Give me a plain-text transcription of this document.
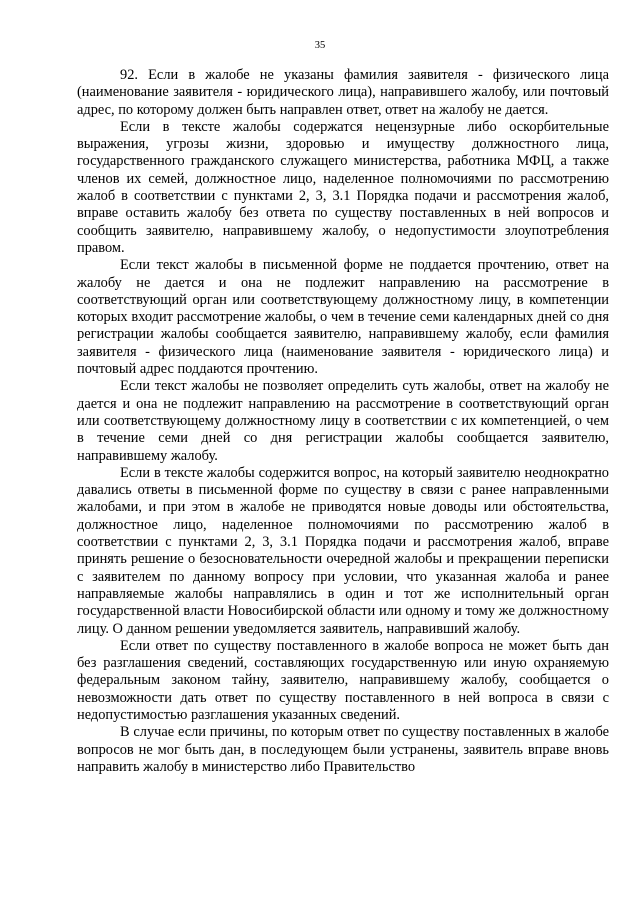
35

92. Если в жалобе не указаны фамилия заявителя - физического лица (наименование заявителя - юридического лица), направившего жалобу, или почтовый адрес, по которому должен быть направлен ответ, ответ на жалобу не дается.

Если в тексте жалобы содержатся нецензурные либо оскорбительные выражения, угрозы жизни, здоровью и имуществу должностного лица, государственного гражданского служащего министерства, работника МФЦ, а также членов их семей, должностное лицо, наделенное полномочиями по рассмотрению жалоб в соответствии с пунктами 2, 3, 3.1 Порядка подачи и рассмотрения жалоб, вправе оставить жалобу без ответа по существу поставленных в ней вопросов и сообщить заявителю, направившему жалобу, о недопустимости злоупотребления правом.

Если текст жалобы в письменной форме не поддается прочтению, ответ на жалобу не дается и она не подлежит направлению на рассмотрение в соответствующий орган или соответствующему должностному лицу, в компетенции которых входит рассмотрение жалобы, о чем в течение семи календарных дней со дня регистрации жалобы сообщается заявителю, направившему жалобу, если фамилия заявителя - физического лица (наименование заявителя - юридического лица) и почтовый адрес поддаются прочтению.

Если текст жалобы не позволяет определить суть жалобы, ответ на жалобу не дается и она не подлежит направлению на рассмотрение в соответствующий орган или соответствующему должностному лицу в соответствии с их компетенцией, о чем в течение семи дней со дня регистрации жалобы сообщается заявителю, направившему жалобу.

Если в тексте жалобы содержится вопрос, на который заявителю неоднократно давались ответы в письменной форме по существу в связи с ранее направленными жалобами, и при этом в жалобе не приводятся новые доводы или обстоятельства, должностное лицо, наделенное полномочиями по рассмотрению жалоб в соответствии с пунктами 2, 3, 3.1 Порядка подачи и рассмотрения жалоб, вправе принять решение о безосновательности очередной жалобы и прекращении переписки с заявителем по данному вопросу при условии, что указанная жалоба и ранее направляемые жалобы направлялись в один и тот же исполнительный орган государственной власти Новосибирской области или одному и тому же должностному лицу. О данном решении уведомляется заявитель, направивший жалобу.

Если ответ по существу поставленного в жалобе вопроса не может быть дан без разглашения сведений, составляющих государственную или иную охраняемую федеральным законом тайну, заявителю, направившему жалобу, сообщается о невозможности дать ответ по существу поставленного в ней вопроса в связи с недопустимостью разглашения указанных сведений.

В случае если причины, по которым ответ по существу поставленных в жалобе вопросов не мог быть дан, в последующем были устранены, заявитель вправе вновь направить жалобу в министерство либо Правительство
